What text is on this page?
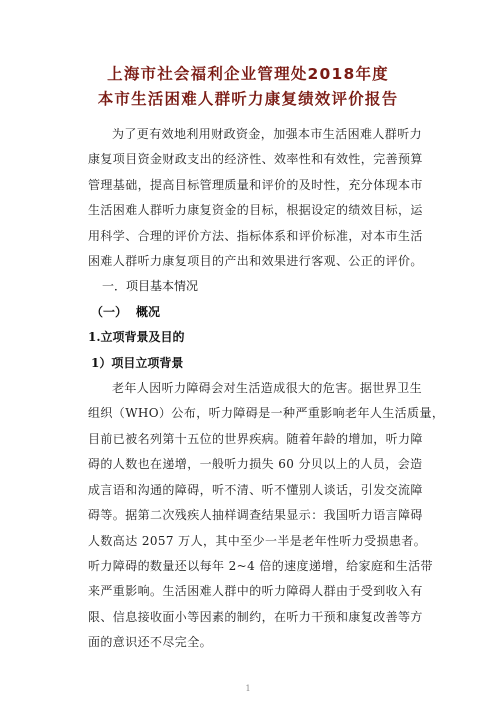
上海市社会福利企业管理处2018年度
本市生活困难人群听力康复绩效评价报告
为了更有效地利用财政资金，加强本市生活困难人群听力
康复项目资金财政支出的经济性、效率性和有效性，完善预算
管理基础，提高目标管理质量和评价的及时性，充分体现本市
生活困难人群听力康复资金的目标，根据设定的绩效目标，运
用科学、合理的评价方法、指标体系和评价标准，对本市生活
困难人群听力康复项目的产出和效果进行客观、公正的评价。
一．项目基本情况
（一） 概况
1.立项背景及目的
1）项目立项背景
老年人因听力障碍会对生活造成很大的危害。据世界卫生
组织（WHO）公布，听力障碍是一种严重影响老年人生活质量，
目前已被名列第十五位的世界疾病。随着年龄的增加，听力障
碍的人数也在递增，一般听力损失 60 分贝以上的人员，会造
成言语和沟通的障碍，听不清、听不懂别人谈话，引发交流障
碍等。据第二次残疾人抽样调查结果显示：我国听力语言障碍
人数高达 2057 万人，其中至少一半是老年性听力受损患者。
听力障碍的数量还以每年 2~4 倍的速度递增，给家庭和生活带
来严重影响。生活困难人群中的听力障碍人群由于受到收入有
限、信息接收面小等因素的制约，在听力干预和康复改善等方
面的意识还不尽完全。
1
